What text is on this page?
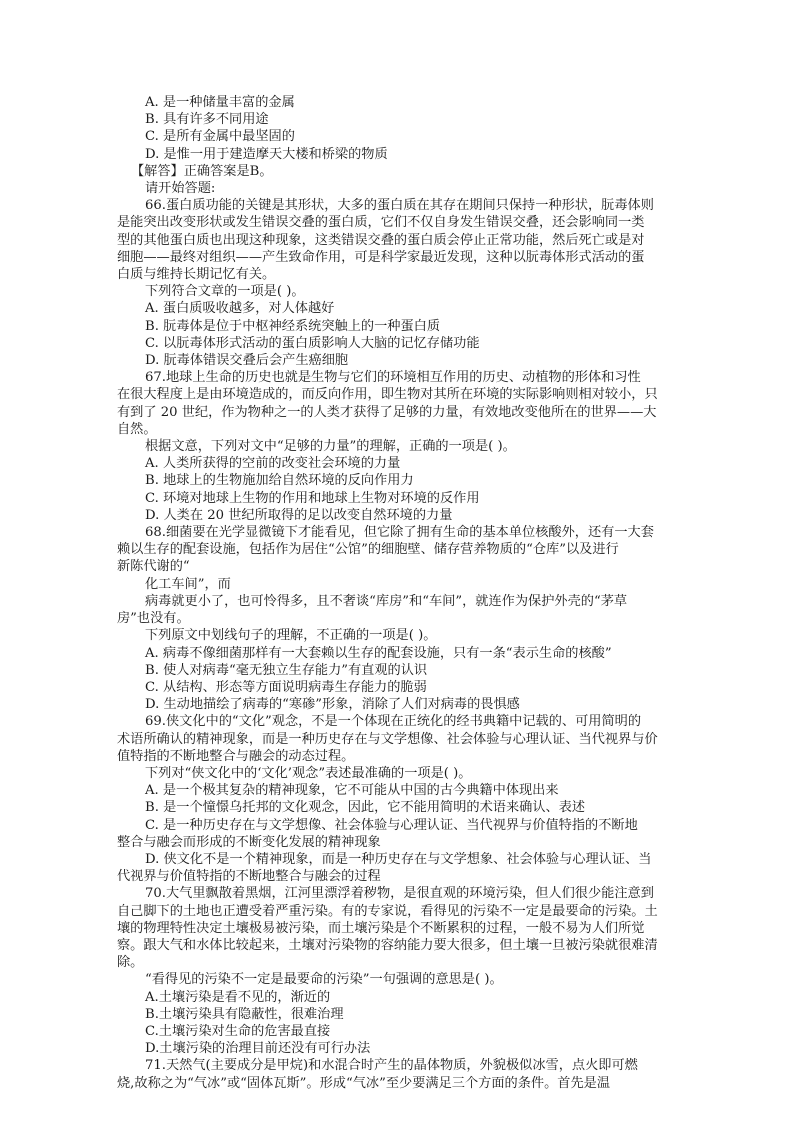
A. 是一种储量丰富的金属

B. 具有许多不同用途

C. 是所有金属中最坚固的

D. 是惟一用于建造摩天大楼和桥梁的物质

【解答】正确答案是B。

请开始答题:

66.蛋白质功能的关键是其形状，大多的蛋白质在其存在期间只保持一种形状，朊毒体则

是能突出改变形状或发生错误交叠的蛋白质，它们不仅自身发生错误交叠，还会影响同一类

型的其他蛋白质也出现这种现象，这类错误交叠的蛋白质会停止正常功能，然后死亡或是对

细胞——最终对组织——产生致命作用，可是科学家最近发现，这种以朊毒体形式活动的蛋

白质与维持长期记忆有关。

下列符合文章的一项是( )。

A. 蛋白质吸收越多，对人体越好

B. 朊毒体是位于中枢神经系统突触上的一种蛋白质

C. 以朊毒体形式活动的蛋白质影响人大脑的记忆存储功能

D. 朊毒体错误交叠后会产生癌细胞

67.地球上生命的历史也就是生物与它们的环境相互作用的历史、动植物的形体和习性

在很大程度上是由环境造成的，而反向作用，即生物对其所在环境的实际影响则相对较小，只

有到了 20 世纪，作为物种之一的人类才获得了足够的力量，有效地改变他所在的世界——大

自然。

根据文意，下列对文中“足够的力量”的理解，正确的一项是( )。

A. 人类所获得的空前的改变社会环境的力量

B. 地球上的生物施加给自然环境的反向作用力

C. 环境对地球上生物的作用和地球上生物对环境的反作用

D. 人类在 20 世纪所取得的足以改变自然环境的力量

68.细菌要在光学显微镜下才能看见，但它除了拥有生命的基本单位核酸外，还有一大套

赖以生存的配套设施，包括作为居住“公馆”的细胞壁、储存营养物质的“仓库”以及进行

新陈代谢的“

化工车间”，而

病毒就更小了，也可怜得多，且不奢谈“库房”和“车间”，就连作为保护外壳的“茅草

房”也没有。

下列原文中划线句子的理解，不正确的一项是( )。

A. 病毒不像细菌那样有一大套赖以生存的配套设施，只有一条“表示生命的核酸”

B. 使人对病毒“毫无独立生存能力”有直观的认识

C. 从结构、形态等方面说明病毒生存能力的脆弱

D. 生动地描绘了病毒的“寒碜”形象，消除了人们对病毒的畏惧感

69.侠文化中的“文化”观念，不是一个体现在正统化的经书典籍中记载的、可用简明的

术语所确认的精神现象，而是一种历史存在与文学想像、社会体验与心理认证、当代视界与价

值特指的不断地整合与融会的动态过程。

下列对“侠文化中的‘文化’观念”表述最准确的一项是( )。

A. 是一个极其复杂的精神现象，它不可能从中国的古今典籍中体现出来

B. 是一个憧憬乌托邦的文化观念，因此，它不能用简明的术语来确认、表述

C. 是一种历史存在与文学想像、社会体验与心理认证、当代视界与价值特指的不断地

整合与融会而形成的不断变化发展的精神现象

D. 侠文化不是一个精神现象，而是一种历史存在与文学想象、社会体验与心理认证、当

代视界与价值特指的不断地整合与融会的过程

70.大气里飘散着黑烟，江河里漂浮着秽物，是很直观的环境污染，但人们很少能注意到

自己脚下的土地也正遭受着严重污染。有的专家说，看得见的污染不一定是最要命的污染。土

壤的物理特性决定土壤极易被污染，而土壤污染是个不断累积的过程，一般不易为人们所觉

察。跟大气和水体比较起来，土壤对污染物的容纳能力要大很多，但土壤一旦被污染就很难清

除。

“看得见的污染不一定是最要命的污染”一句强调的意思是( )。

A.土壤污染是看不见的，渐近的

B.土壤污染具有隐蔽性，很难治理

C.土壤污染对生命的危害最直接

D.土壤污染的治理目前还没有可行办法

71.天然气(主要成分是甲烷)和水混合时产生的晶体物质，外貌极似冰雪，点火即可燃

烧,故称之为“气冰”或“固体瓦斯”。形成“气冰”至少要满足三个方面的条件。首先是温
